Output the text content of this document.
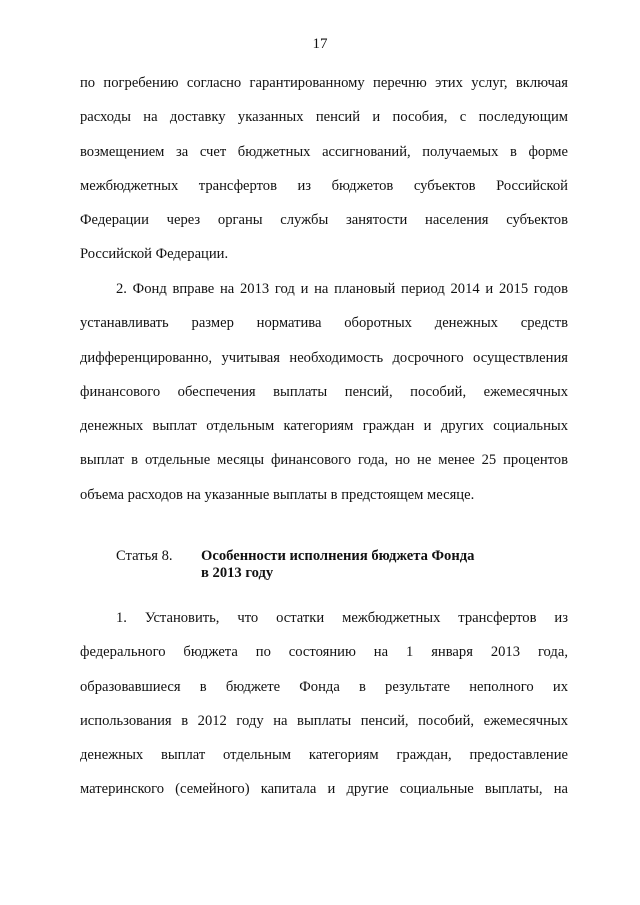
17
по погребению согласно гарантированному перечню этих услуг, включая
расходы на доставку указанных пенсий и пособия, с последующим
возмещением за счет бюджетных ассигнований, получаемых в форме
межбюджетных трансфертов из бюджетов субъектов Российской
Федерации через органы службы занятости населения субъектов
Российской Федерации.
2. Фонд вправе на 2013 год и на плановый период 2014 и 2015 годов
устанавливать размер норматива оборотных денежных средств
дифференцированно, учитывая необходимость досрочного осуществления
финансового обеспечения выплаты пенсий, пособий, ежемесячных
денежных выплат отдельным категориям граждан и других социальных
выплат в отдельные месяцы финансового года, но не менее 25 процентов
объема расходов на указанные выплаты в предстоящем месяце.
Статья 8. Особенности исполнения бюджета Фонда
в 2013 году
1. Установить, что остатки межбюджетных трансфертов из
федерального бюджета по состоянию на 1 января 2013 года,
образовавшиеся в бюджете Фонда в результате неполного их
использования в 2012 году на выплаты пенсий, пособий, ежемесячных
денежных выплат отдельным категориям граждан, предоставление
материнского (семейного) капитала и другие социальные выплаты, на
